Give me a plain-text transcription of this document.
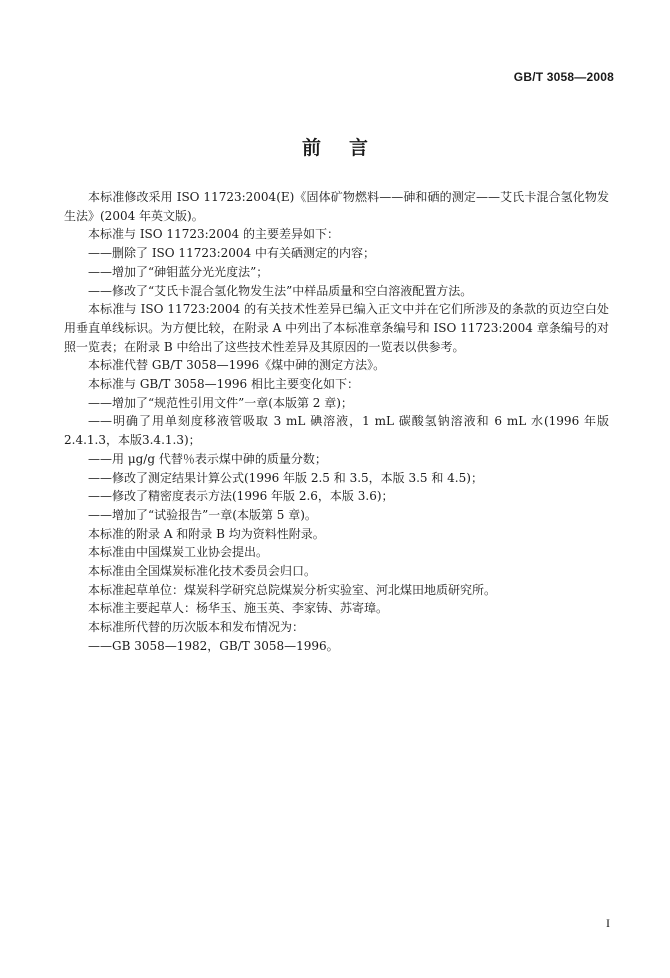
GB/T 3058—2008
前言

本标准修改采用 ISO 11723:2004(E)《固体矿物燃料——砷和硒的测定——艾氏卡混合氢化物发生法》(2004 年英文版)。

本标准与 ISO 11723:2004 的主要差异如下：

——删除了 ISO 11723:2004 中有关硒测定的内容；

——增加了“砷钼蓝分光光度法”；

——修改了“艾氏卡混合氢化物发生法”中样品质量和空白溶液配置方法。

本标准与 ISO 11723:2004 的有关技术性差异已编入正文中并在它们所涉及的条款的页边空白处用垂直单线标识。为方便比较，在附录 A 中列出了本标准章条编号和 ISO 11723:2004 章条编号的对照一览表；在附录 B 中给出了这些技术性差异及其原因的一览表以供参考。

本标准代替 GB/T 3058—1996《煤中砷的测定方法》。

本标准与 GB/T 3058—1996 相比主要变化如下：

——增加了“规范性引用文件”一章(本版第 2 章)；

——明确了用单刻度移液管吸取 3 mL 碘溶液，1 mL 碳酸氢钠溶液和 6 mL 水(1996 年版 2.4.1.3，本版3.4.1.3)；

——用 μg/g 代替％表示煤中砷的质量分数；

——修改了测定结果计算公式(1996 年版 2.5 和 3.5，本版 3.5 和 4.5)；

——修改了精密度表示方法(1996 年版 2.6，本版 3.6)；

——增加了“试验报告”一章(本版第 5 章)。

本标准的附录 A 和附录 B 均为资料性附录。

本标准由中国煤炭工业协会提出。

本标准由全国煤炭标准化技术委员会归口。

本标准起草单位：煤炭科学研究总院煤炭分析实验室、河北煤田地质研究所。

本标准主要起草人：杨华玉、施玉英、李家铸、苏寄璋。

本标准所代替的历次版本和发布情况为：

——GB 3058—1982，GB/T 3058—1996。

I
